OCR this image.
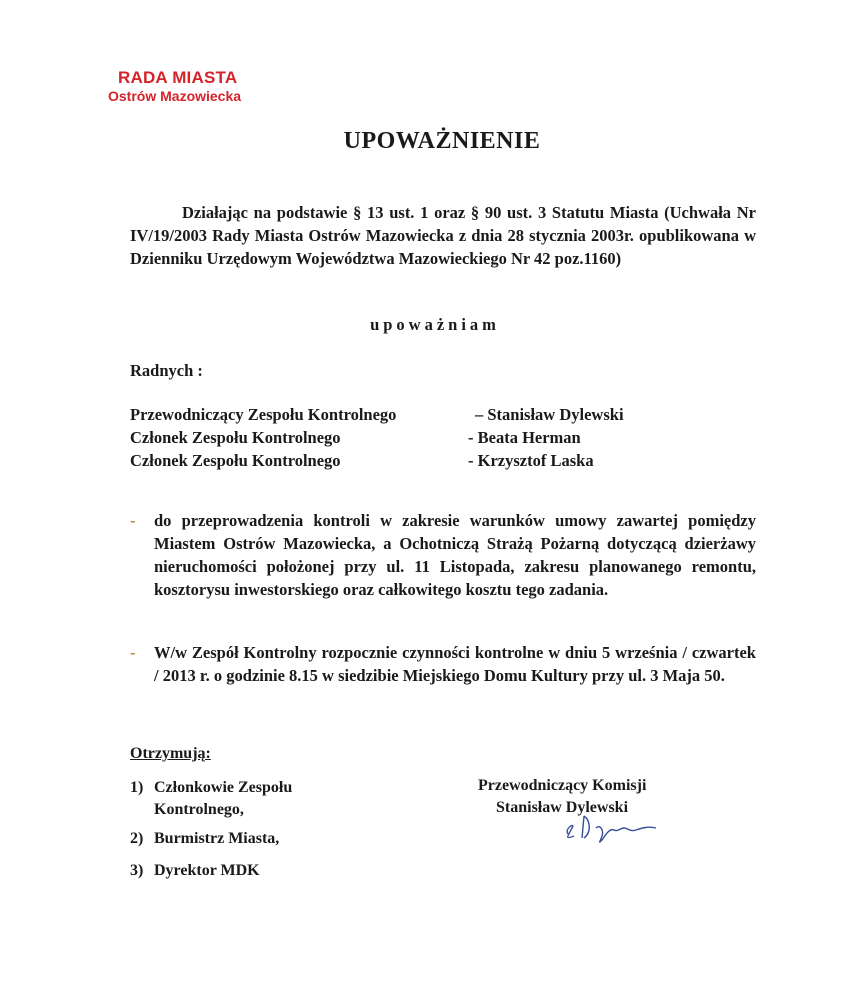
RADA MIASTA
Ostrów Mazowiecka
UPOWAŻNIENIE
Działając na podstawie § 13 ust. 1 oraz § 90 ust. 3 Statutu Miasta (Uchwała Nr IV/19/2003 Rady Miasta Ostrów Mazowiecka z dnia 28 stycznia 2003r. opublikowana w Dzienniku Urzędowym Województwa Mazowieckiego Nr 42 poz.1160)
upoważniam
Radnych :
Przewodniczący Zespołu Kontrolnego	– Stanisław Dylewski
Członek Zespołu Kontrolnego	- Beata Herman
Członek Zespołu Kontrolnego	- Krzysztof Laska
- do przeprowadzenia kontroli w zakresie warunków umowy zawartej pomiędzy Miastem Ostrów Mazowiecka, a Ochotniczą Strażą Pożarną dotyczącą dzierżawy nieruchomości położonej przy ul. 11 Listopada, zakresu planowanego remontu, kosztorysu inwestorskiego oraz całkowitego kosztu tego zadania.
- W/w Zespół Kontrolny rozpocznie czynności kontrolne w dniu 5 września / czwartek / 2013 r. o godzinie 8.15 w siedzibie Miejskiego Domu Kultury przy ul. 3 Maja 50.
Otrzymują:
1) Członkowie Zespołu Kontrolnego,
2) Burmistrz Miasta,
3) Dyrektor MDK
Przewodniczący Komisji
Stanisław Dylewski
